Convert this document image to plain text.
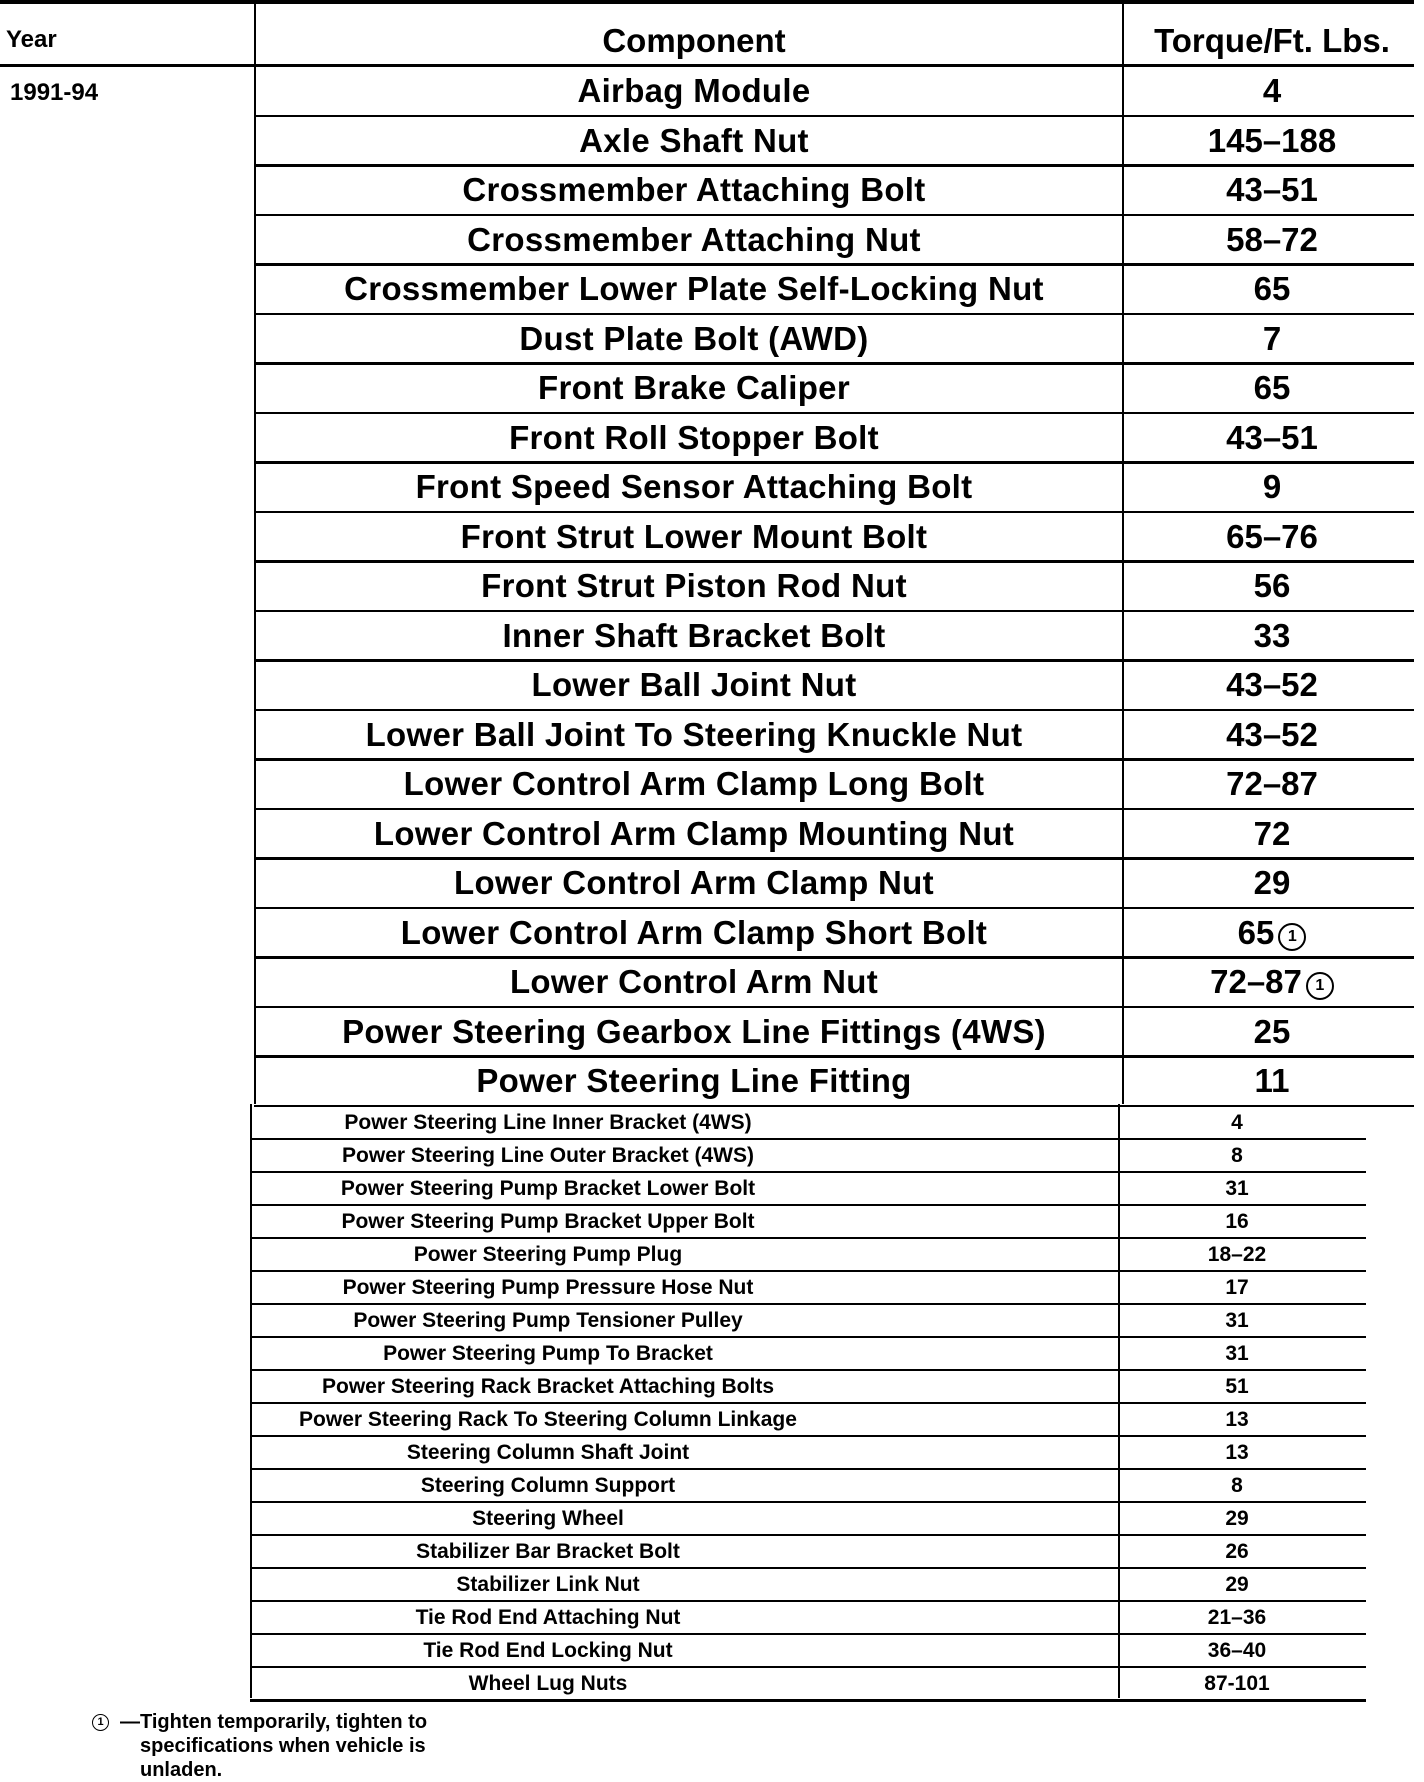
Year	Component	Torque/Ft. Lbs.
1991-94	Airbag Module	4
Axle Shaft Nut	145–188
Crossmember Attaching Bolt	43–51
Crossmember Attaching Nut	58–72
Crossmember Lower Plate Self-Locking Nut	65
Dust Plate Bolt (AWD)	7
Front Brake Caliper	65
Front Roll Stopper Bolt	43–51
Front Speed Sensor Attaching Bolt	9
Front Strut Lower Mount Bolt	65–76
Front Strut Piston Rod Nut	56
Inner Shaft Bracket Bolt	33
Lower Ball Joint Nut	43–52
Lower Ball Joint To Steering Knuckle Nut	43–52
Lower Control Arm Clamp Long Bolt	72–87
Lower Control Arm Clamp Mounting Nut	72
Lower Control Arm Clamp Nut	29
Lower Control Arm Clamp Short Bolt	65 1
Lower Control Arm Nut	72–87 1
Power Steering Gearbox Line Fittings (4WS)	25
Power Steering Line Fitting	11
Power Steering Line Inner Bracket (4WS)	4
Power Steering Line Outer Bracket (4WS)	8
Power Steering Pump Bracket Lower Bolt	31
Power Steering Pump Bracket Upper Bolt	16
Power Steering Pump Plug	18–22
Power Steering Pump Pressure Hose Nut	17
Power Steering Pump Tensioner Pulley	31
Power Steering Pump To Bracket	31
Power Steering Rack Bracket Attaching Bolts	51
Power Steering Rack To Steering Column Linkage	13
Steering Column Shaft Joint	13
Steering Column Support	8
Steering Wheel	29
Stabilizer Bar Bracket Bolt	26
Stabilizer Link Nut	29
Tie Rod End Attaching Nut	21–36
Tie Rod End Locking Nut	36–40
Wheel Lug Nuts	87-101
1 —Tighten temporarily, tighten to specifications when vehicle is unladen.
